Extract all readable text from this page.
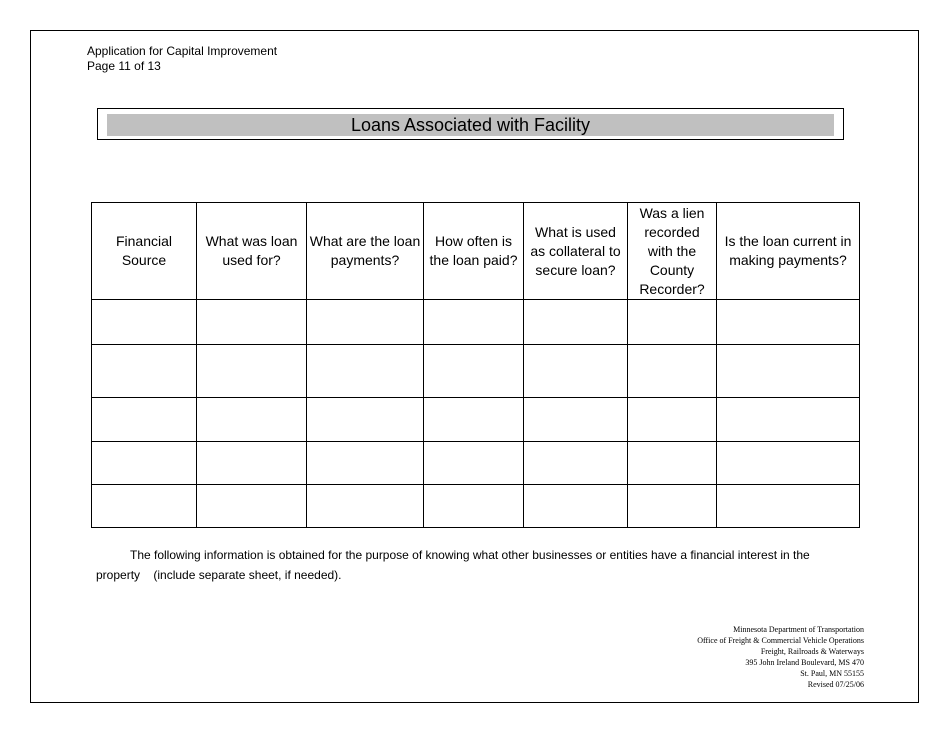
Application for Capital Improvement
Page 11 of 13
Loans Associated with Facility
Financial Source	What was loan used for?	What are the loan payments?	How often is the loan paid?	What is used as collateral to secure loan?	Was a lien recorded with the County Recorder?	Is the loan current in making payments?

The following information is obtained for the purpose of knowing what other businesses or entities have a financial interest in the property (include separate sheet, if needed).
Minnesota Department of Transportation
Office of Freight & Commercial Vehicle Operations
Freight, Railroads & Waterways
395 John Ireland Boulevard, MS 470
St. Paul, MN 55155
Revised 07/25/06
